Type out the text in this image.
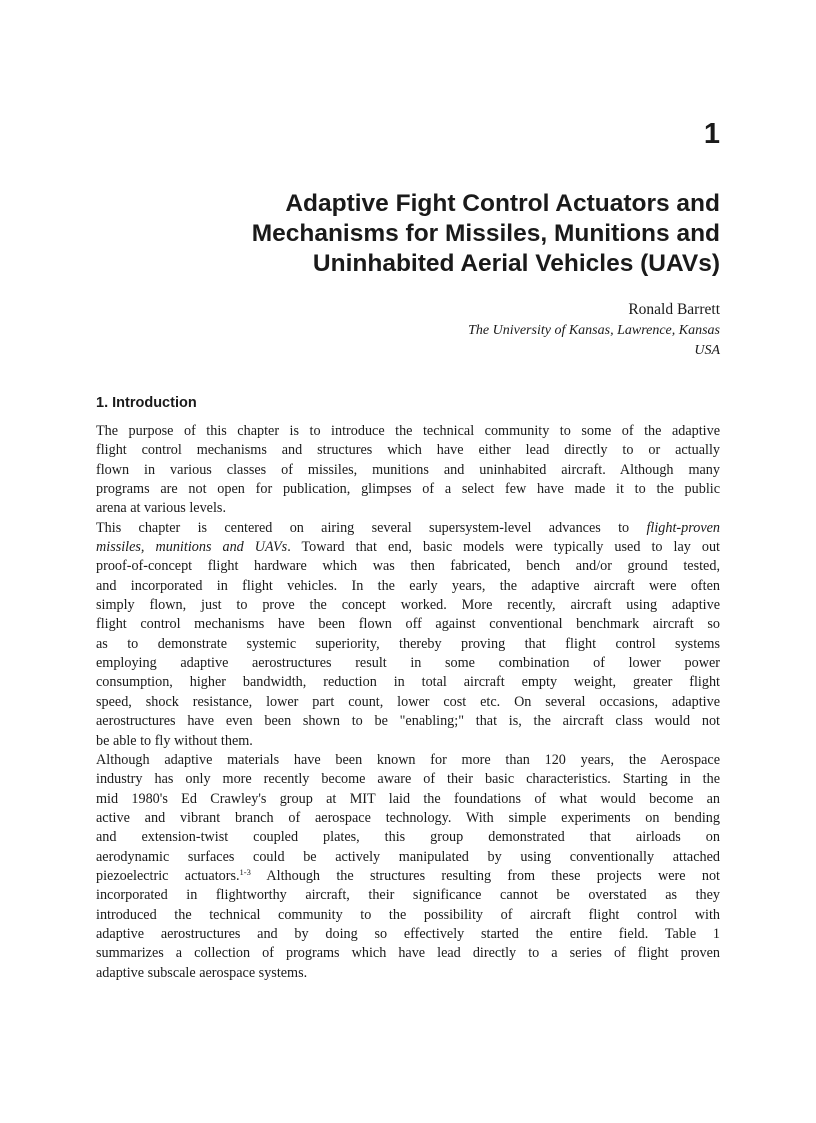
1
Adaptive Fight Control Actuators and
Mechanisms for Missiles, Munitions and
Uninhabited Aerial Vehicles (UAVs)
Ronald Barrett
The University of Kansas, Lawrence, Kansas
USA
1. Introduction
The purpose of this chapter is to introduce the technical community to some of the adaptive
flight control mechanisms and structures which have either lead directly to or actually
flown in various classes of missiles, munitions and uninhabited aircraft. Although many
programs are not open for publication, glimpses of a select few have made it to the public
arena at various levels.
This chapter is centered on airing several supersystem-level advances to flight-proven
missiles, munitions and UAVs. Toward that end, basic models were typically used to lay out
proof-of-concept flight hardware which was then fabricated, bench and/or ground tested,
and incorporated in flight vehicles. In the early years, the adaptive aircraft were often
simply flown, just to prove the concept worked. More recently, aircraft using adaptive
flight control mechanisms have been flown off against conventional benchmark aircraft so
as to demonstrate systemic superiority, thereby proving that flight control systems
employing adaptive aerostructures result in some combination of lower power
consumption, higher bandwidth, reduction in total aircraft empty weight, greater flight
speed, shock resistance, lower part count, lower cost etc. On several occasions, adaptive
aerostructures have even been shown to be "enabling;" that is, the aircraft class would not
be able to fly without them.
Although adaptive materials have been known for more than 120 years, the Aerospace
industry has only more recently become aware of their basic characteristics. Starting in the
mid 1980's Ed Crawley's group at MIT laid the foundations of what would become an
active and vibrant branch of aerospace technology. With simple experiments on bending
and extension-twist coupled plates, this group demonstrated that airloads on
aerodynamic surfaces could be actively manipulated by using conventionally attached
piezoelectric actuators.$^{1-3}$ Although the structures resulting from these projects were not
incorporated in flightworthy aircraft, their significance cannot be overstated as they
introduced the technical community to the possibility of aircraft flight control with
adaptive aerostructures and by doing so effectively started the entire field. Table 1
summarizes a collection of programs which have lead directly to a series of flight proven
adaptive subscale aerospace systems.
